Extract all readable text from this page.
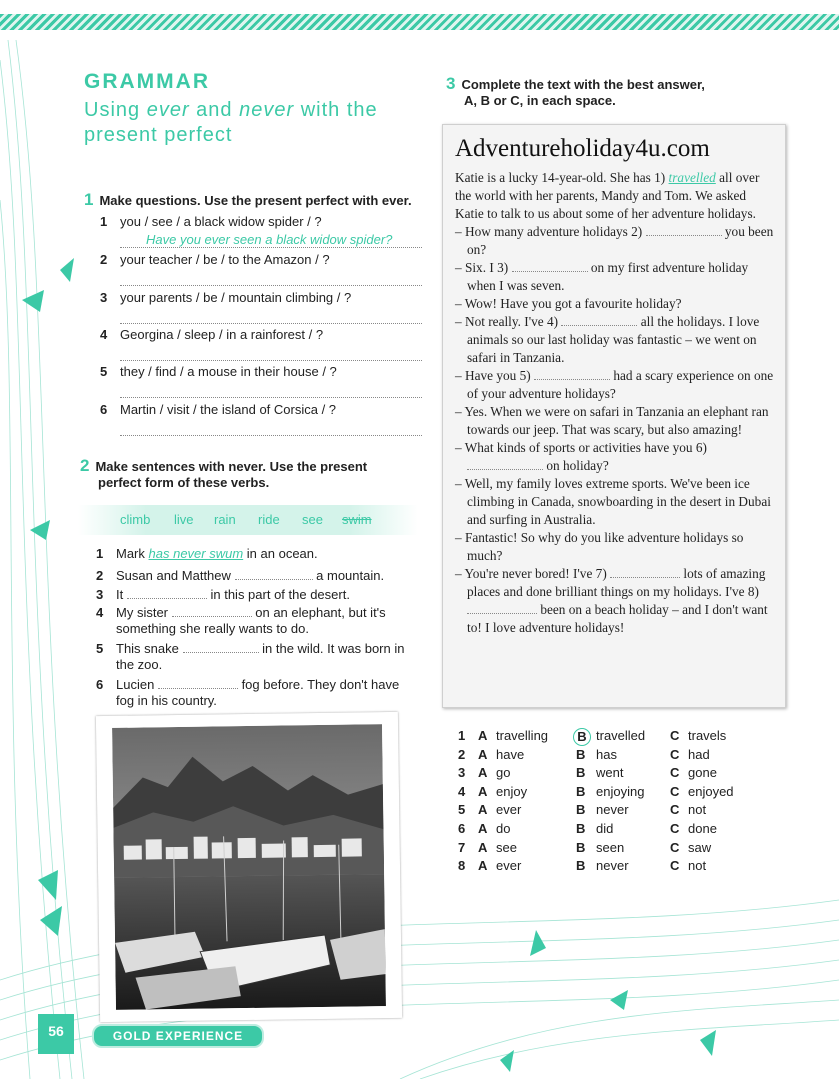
GRAMMAR
Using ever and never with the present perfect
1 Make questions. Use the present perfect with ever.
1 you / see / a black widow spider / ?
Have you ever seen a black widow spider?
2 your teacher / be / to the Amazon / ?
3 your parents / be / mountain climbing / ?
4 Georgina / sleep / in a rainforest / ?
5 they / find / a mouse in their house / ?
6 Martin / visit / the island of Corsica / ?
2 Make sentences with never. Use the present
perfect form of these verbs.
climb live rain ride see swim
1 Mark has never swum in an ocean.
2 Susan and Matthew	a mountain.
3 It	in this part of the desert.
4 My sister	on an elephant, but it's
something she really wants to do.
5 This snake	in the wild. It was born in
the zoo.
6 Lucien	fog before. They don't have
fog in his country.
3 Complete the text with the best answer,
A, B or C, in each space.
Adventureholiday4u.com

Katie is a lucky 14-year-old. She has 1) travelled all over the world with her parents, Mandy and Tom. We asked Katie to talk to us about some of her adventure holidays.

– How many adventure holidays 2)	you been on?

– Six. I 3)	on my first adventure holiday when I was seven.

– Wow! Have you got a favourite holiday?

– Not really. I've 4)	all the holidays. I love animals so our last holiday was fantastic – we went on safari in Tanzania.

– Have you 5)	had a scary experience on one of your adventure holidays?

– Yes. When we were on safari in Tanzania an elephant ran towards our jeep. That was scary, but also amazing!

– What kinds of sports or activities have you 6)  on holiday?

– Well, my family loves extreme sports. We've been ice climbing in Canada, snowboarding in the desert in Dubai and surfing in Australia.

– Fantastic! So why do you like adventure holidays so much?

– You're never bored! I've 7)	lots of amazing places and done brilliant things on my holidays. I've 8)  been on a beach holiday – and I don't want to! I love adventure holidays!

1 A travelling	B travelled C travels
2 A have	B has	C had
3 A go	B went	C gone
4 A enjoy	B enjoying C enjoyed
5 A ever	B never	C not
6 A do	B did	C done
7 A see	B seen	C saw
8 A ever	B never	C not
56	GOLD EXPERIENCE
